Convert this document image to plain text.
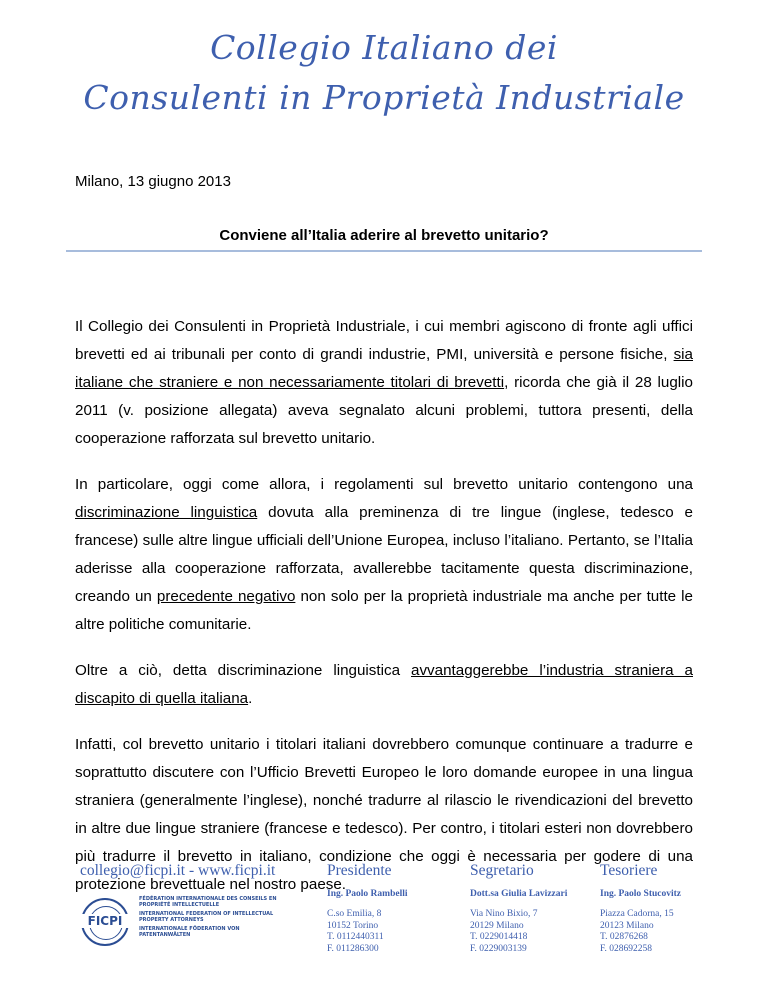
Collegio Italiano dei
Consulenti in Proprietà Industriale
Milano, 13 giugno 2013
Conviene all’Italia aderire al brevetto unitario?

Il Collegio dei Consulenti in Proprietà Industriale, i cui membri agiscono di fronte agli uffici brevetti ed ai tribunali per conto di grandi industrie, PMI, università e persone fisiche, sia italiane che straniere e non necessariamente titolari di brevetti, ricorda che già il 28 luglio 2011 (v. posizione allegata) aveva segnalato alcuni problemi, tuttora presenti, della cooperazione rafforzata sul brevetto unitario.

In particolare, oggi come allora, i regolamenti sul brevetto unitario contengono una discriminazione linguistica dovuta alla preminenza di tre lingue (inglese, tedesco e francese) sulle altre lingue ufficiali dell’Unione Europea, incluso l’italiano. Pertanto, se l’Italia aderisse alla cooperazione rafforzata, avallerebbe tacitamente questa discriminazione, creando un precedente negativo non solo per la proprietà industriale ma anche per tutte le altre politiche comunitarie.

Oltre a ciò, detta discriminazione linguistica avvantaggerebbe l’industria straniera a discapito di quella italiana.

Infatti, col brevetto unitario i titolari italiani dovrebbero comunque continuare a tradurre e soprattutto discutere con l’Ufficio Brevetti Europeo le loro domande europee in una lingua straniera (generalmente l’inglese), nonché tradurre al rilascio le rivendicazioni del brevetto in altre due lingue straniere (francese e tedesco). Per contro, i titolari esteri non dovrebbero più tradurre il brevetto in italiano, condizione che oggi è necessaria per godere di una protezione brevettuale nel nostro paese.

collegio@ficpi.it - www.ficpi.it
FICPI
FÉDÉRATION INTERNATIONALE DES CONSEILS EN PROPRIÉTÉ INTELLECTUELLE
INTERNATIONAL FEDERATION OF INTELLECTUAL PROPERTY ATTORNEYS
INTERNATIONALE FÖDERATION VON PATENTANWÄLTEN
Presidente
Ing. Paolo Rambelli
C.so Emilia, 8
10152 Torino
T. 0112440311
F. 011286300
Segretario
Dott.sa Giulia Lavizzari
Via Nino Bixio, 7
20129 Milano
T. 0229014418
F. 0229003139
Tesoriere
Ing. Paolo Stucovitz
Piazza Cadorna, 15
20123 Milano
T. 02876268
F. 028692258
